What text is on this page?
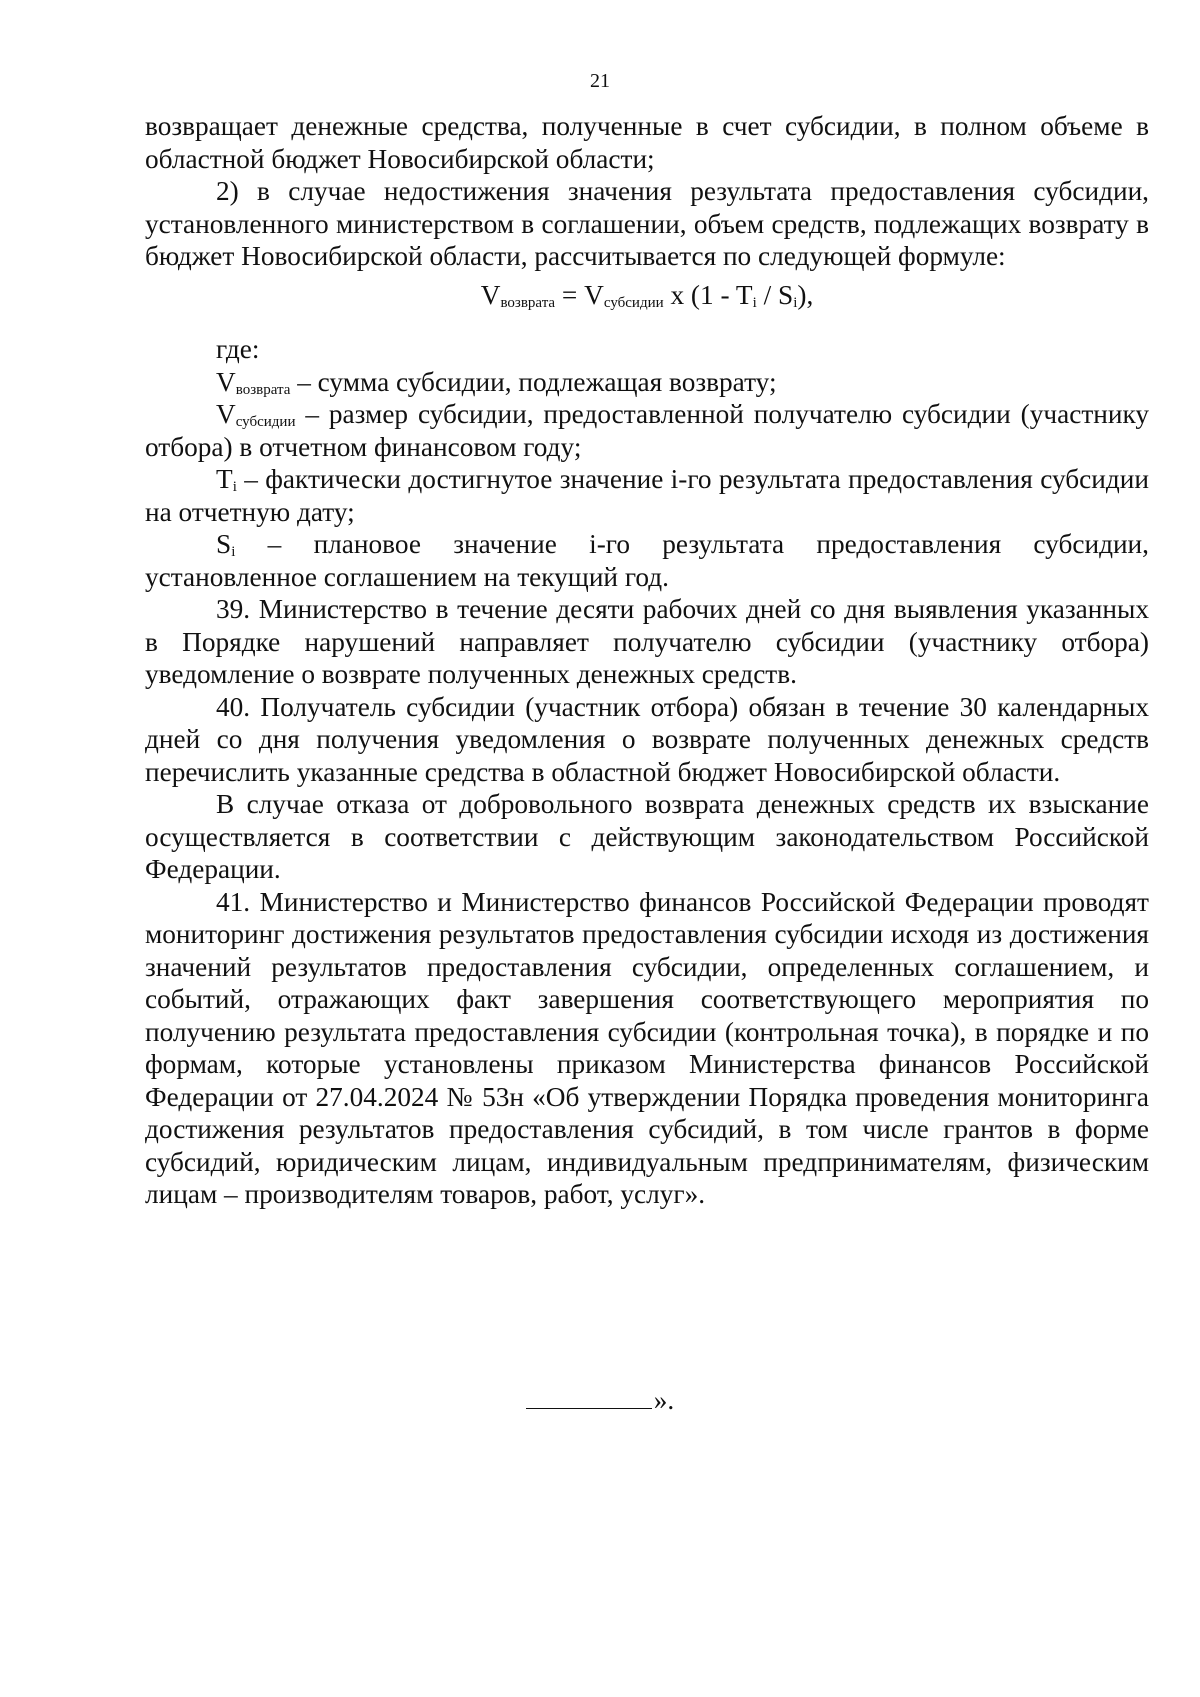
21

возвращает денежные средства, полученные в счет субсидии, в полном объеме в областной бюджет Новосибирской области;

2) в случае недостижения значения результата предоставления субсидии, установленного министерством в соглашении, объем средств, подлежащих возврату в бюджет Новосибирской области, рассчитывается по следующей формуле:

$V_{возврата} = V_{субсидии}$ x $(1 - T_i / S_i)$,

где:

$V_{возврата}$ – сумма субсидии, подлежащая возврату;

$V_{субсидии}$ – размер субсидии, предоставленной получателю субсидии (участнику отбора) в отчетном финансовом году;

$T_i$ – фактически достигнутое значение i-го результата предоставления субсидии на отчетную дату;

$S_i$ – плановое значение i-го результата предоставления субсидии, установленное соглашением на текущий год.

39. Министерство в течение десяти рабочих дней со дня выявления указанных в Порядке нарушений направляет получателю субсидии (участнику отбора) уведомление о возврате полученных денежных средств.

40. Получатель субсидии (участник отбора) обязан в течение 30 календарных дней со дня получения уведомления о возврате полученных денежных средств перечислить указанные средства в областной бюджет Новосибирской области.

В случае отказа от добровольного возврата денежных средств их взыскание осуществляется в соответствии с действующим законодательством Российской Федерации.

41. Министерство и Министерство финансов Российской Федерации проводят мониторинг достижения результатов предоставления субсидии исходя из достижения значений результатов предоставления субсидии, определенных соглашением, и событий, отражающих факт завершения соответствующего мероприятия по получению результата предоставления субсидии (контрольная точка), в порядке и по формам, которые установлены приказом Министерства финансов Российской Федерации от 27.04.2024 № 53н «Об утверждении Порядка проведения мониторинга достижения результатов предоставления субсидий, в том числе грантов в форме субсидий, юридическим лицам, индивидуальным предпринимателям, физическим лицам – производителям товаров, работ, услуг».

».
